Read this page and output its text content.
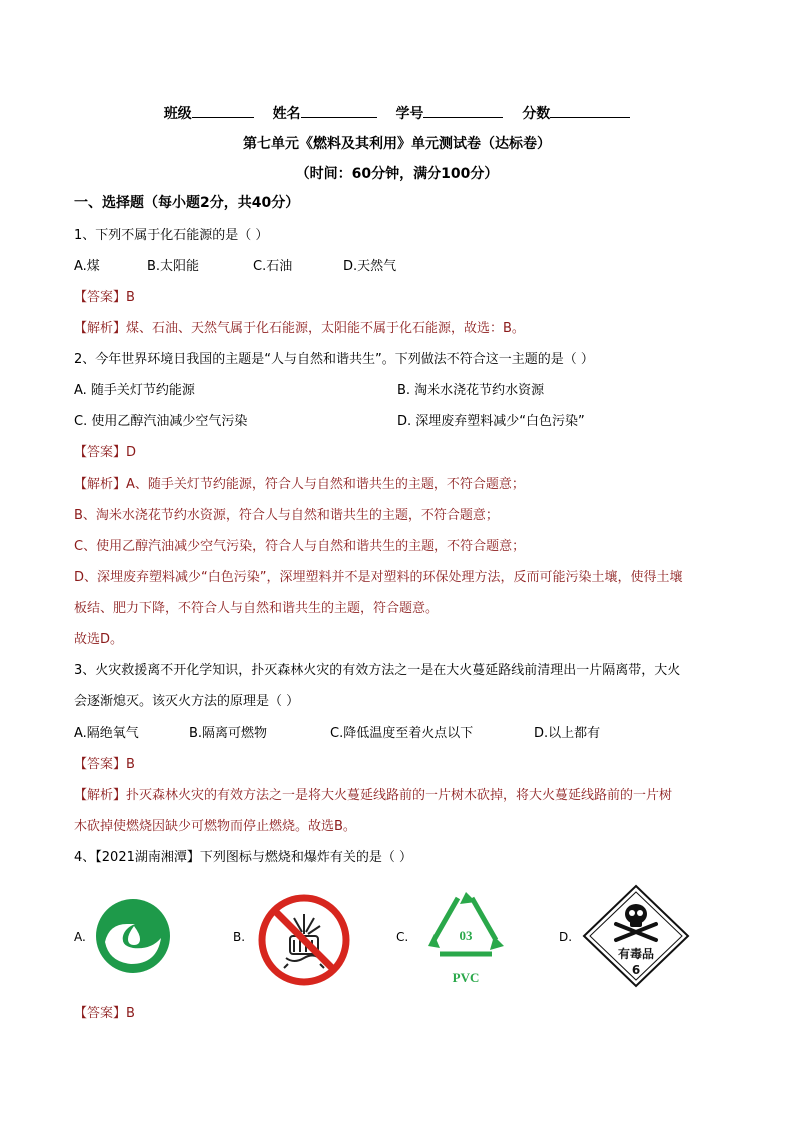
班级	姓名	学号	分数
第七单元《燃料及其利用》单元测试卷（达标卷）
（时间：60分钟，满分100分）
一、选择题（每小题2分，共40分）
1、下列不属于化石能源的是（ ）
A.煤	B.太阳能	C.石油	D.天然气
【答案】B
【解析】煤、石油、天然气属于化石能源，太阳能不属于化石能源，故选：B。
2、今年世界环境日我国的主题是“人与自然和谐共生”。下列做法不符合这一主题的是（ ）
A. 随手关灯节约能源	B. 淘米水浇花节约水资源
C. 使用乙醇汽油减少空气污染	D. 深埋废弃塑料减少“白色污染”
【答案】D
【解析】A、随手关灯节约能源，符合人与自然和谐共生的主题，不符合题意；
B、淘米水浇花节约水资源，符合人与自然和谐共生的主题，不符合题意；
C、使用乙醇汽油减少空气污染，符合人与自然和谐共生的主题，不符合题意；
D、深埋废弃塑料减少“白色污染”，深埋塑料并不是对塑料的环保处理方法，反而可能污染土壤，使得土壤
板结、肥力下降，不符合人与自然和谐共生的主题，符合题意。
故选D。
3、火灾救援离不开化学知识，扑灭森林火灾的有效方法之一是在大火蔓延路线前清理出一片隔离带，大火
会逐渐熄灭。该灭火方法的原理是（ ）
A.隔绝氧气	B.隔离可燃物	C.降低温度至着火点以下	D.以上都有
【答案】B
【解析】扑灭森林火灾的有效方法之一是将大火蔓延线路前的一片树木砍掉，将大火蔓延线路前的一片树
木砍掉使燃烧因缺少可燃物而停止燃烧。故选B。
4、【2021湖南湘潭】下列图标与燃烧和爆炸有关的是（ ）
A.	B.	C.	03
PVC
D.
有毒品
6
【答案】B
